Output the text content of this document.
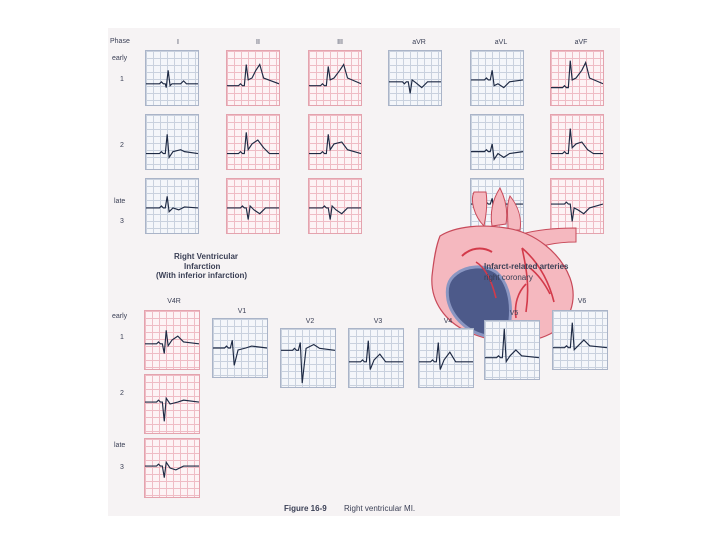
Phase	I	II	III	aVR	aVL	aVF
early
1
2
late
3
Right Ventricular
Infarction
(With inferior infarction)
Infarct-related arteries
right coronary
early
1
2
late
3
V4R
V1
V2	V3	V4
V5
V6
Figure 16-9 Right ventricular MI.
